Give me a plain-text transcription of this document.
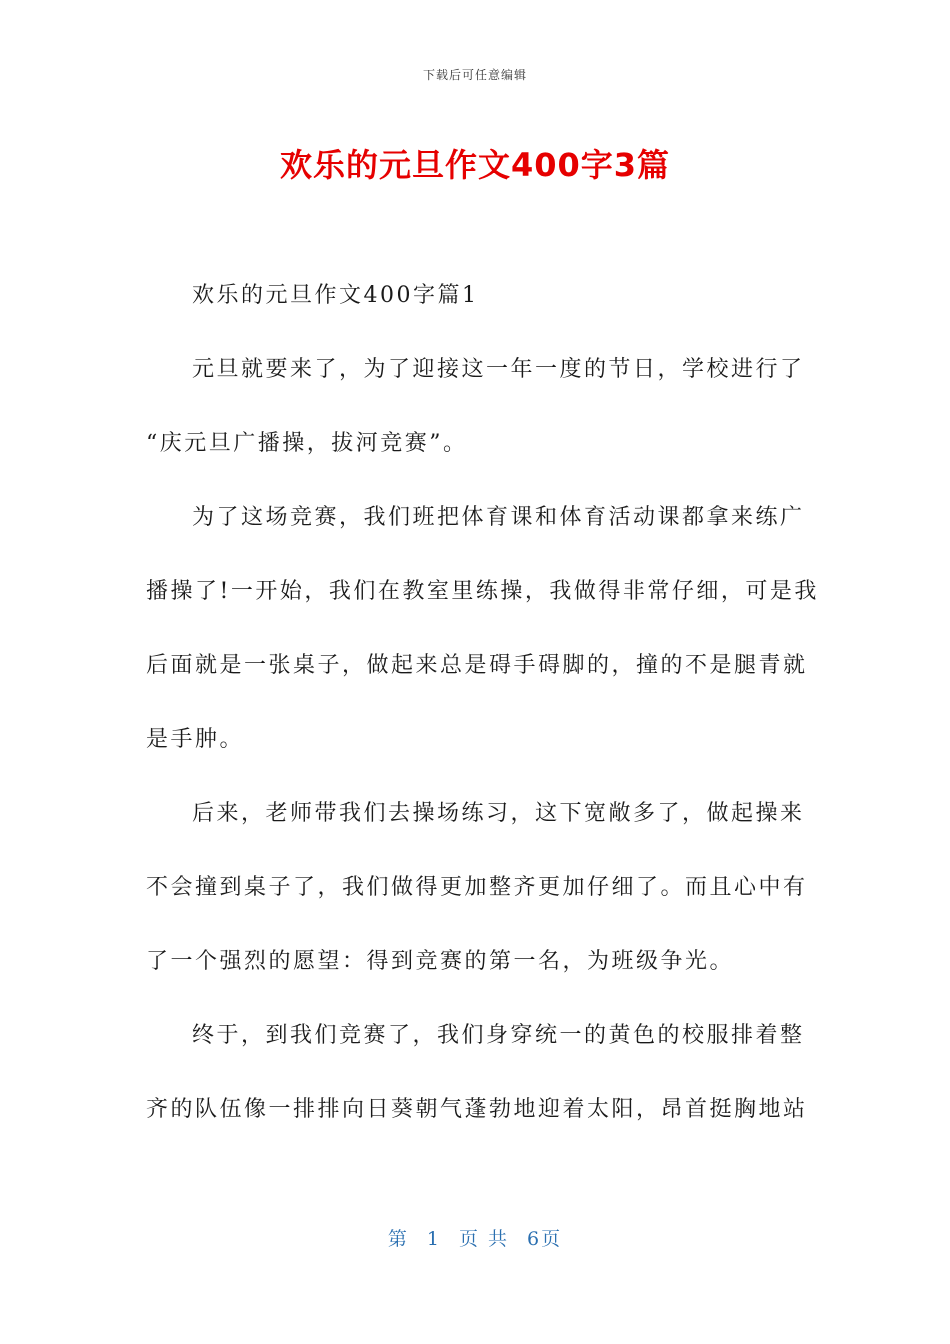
下载后可任意编辑
欢乐的元旦作文400字3篇
欢乐的元旦作文400字篇1
元旦就要来了，为了迎接这一年一度的节日，学校进行了
“庆元旦广播操，拔河竞赛”。
为了这场竞赛，我们班把体育课和体育活动课都拿来练广
播操了!一开始，我们在教室里练操，我做得非常仔细，可是我
后面就是一张桌子，做起来总是碍手碍脚的，撞的不是腿青就
是手肿。
后来，老师带我们去操场练习，这下宽敞多了，做起操来
不会撞到桌子了，我们做得更加整齐更加仔细了。而且心中有
了一个强烈的愿望：得到竞赛的第一名，为班级争光。
终于，到我们竞赛了，我们身穿统一的黄色的校服排着整
齐的队伍像一排排向日葵朝气蓬勃地迎着太阳，昂首挺胸地站
第 1 页 共 6页
